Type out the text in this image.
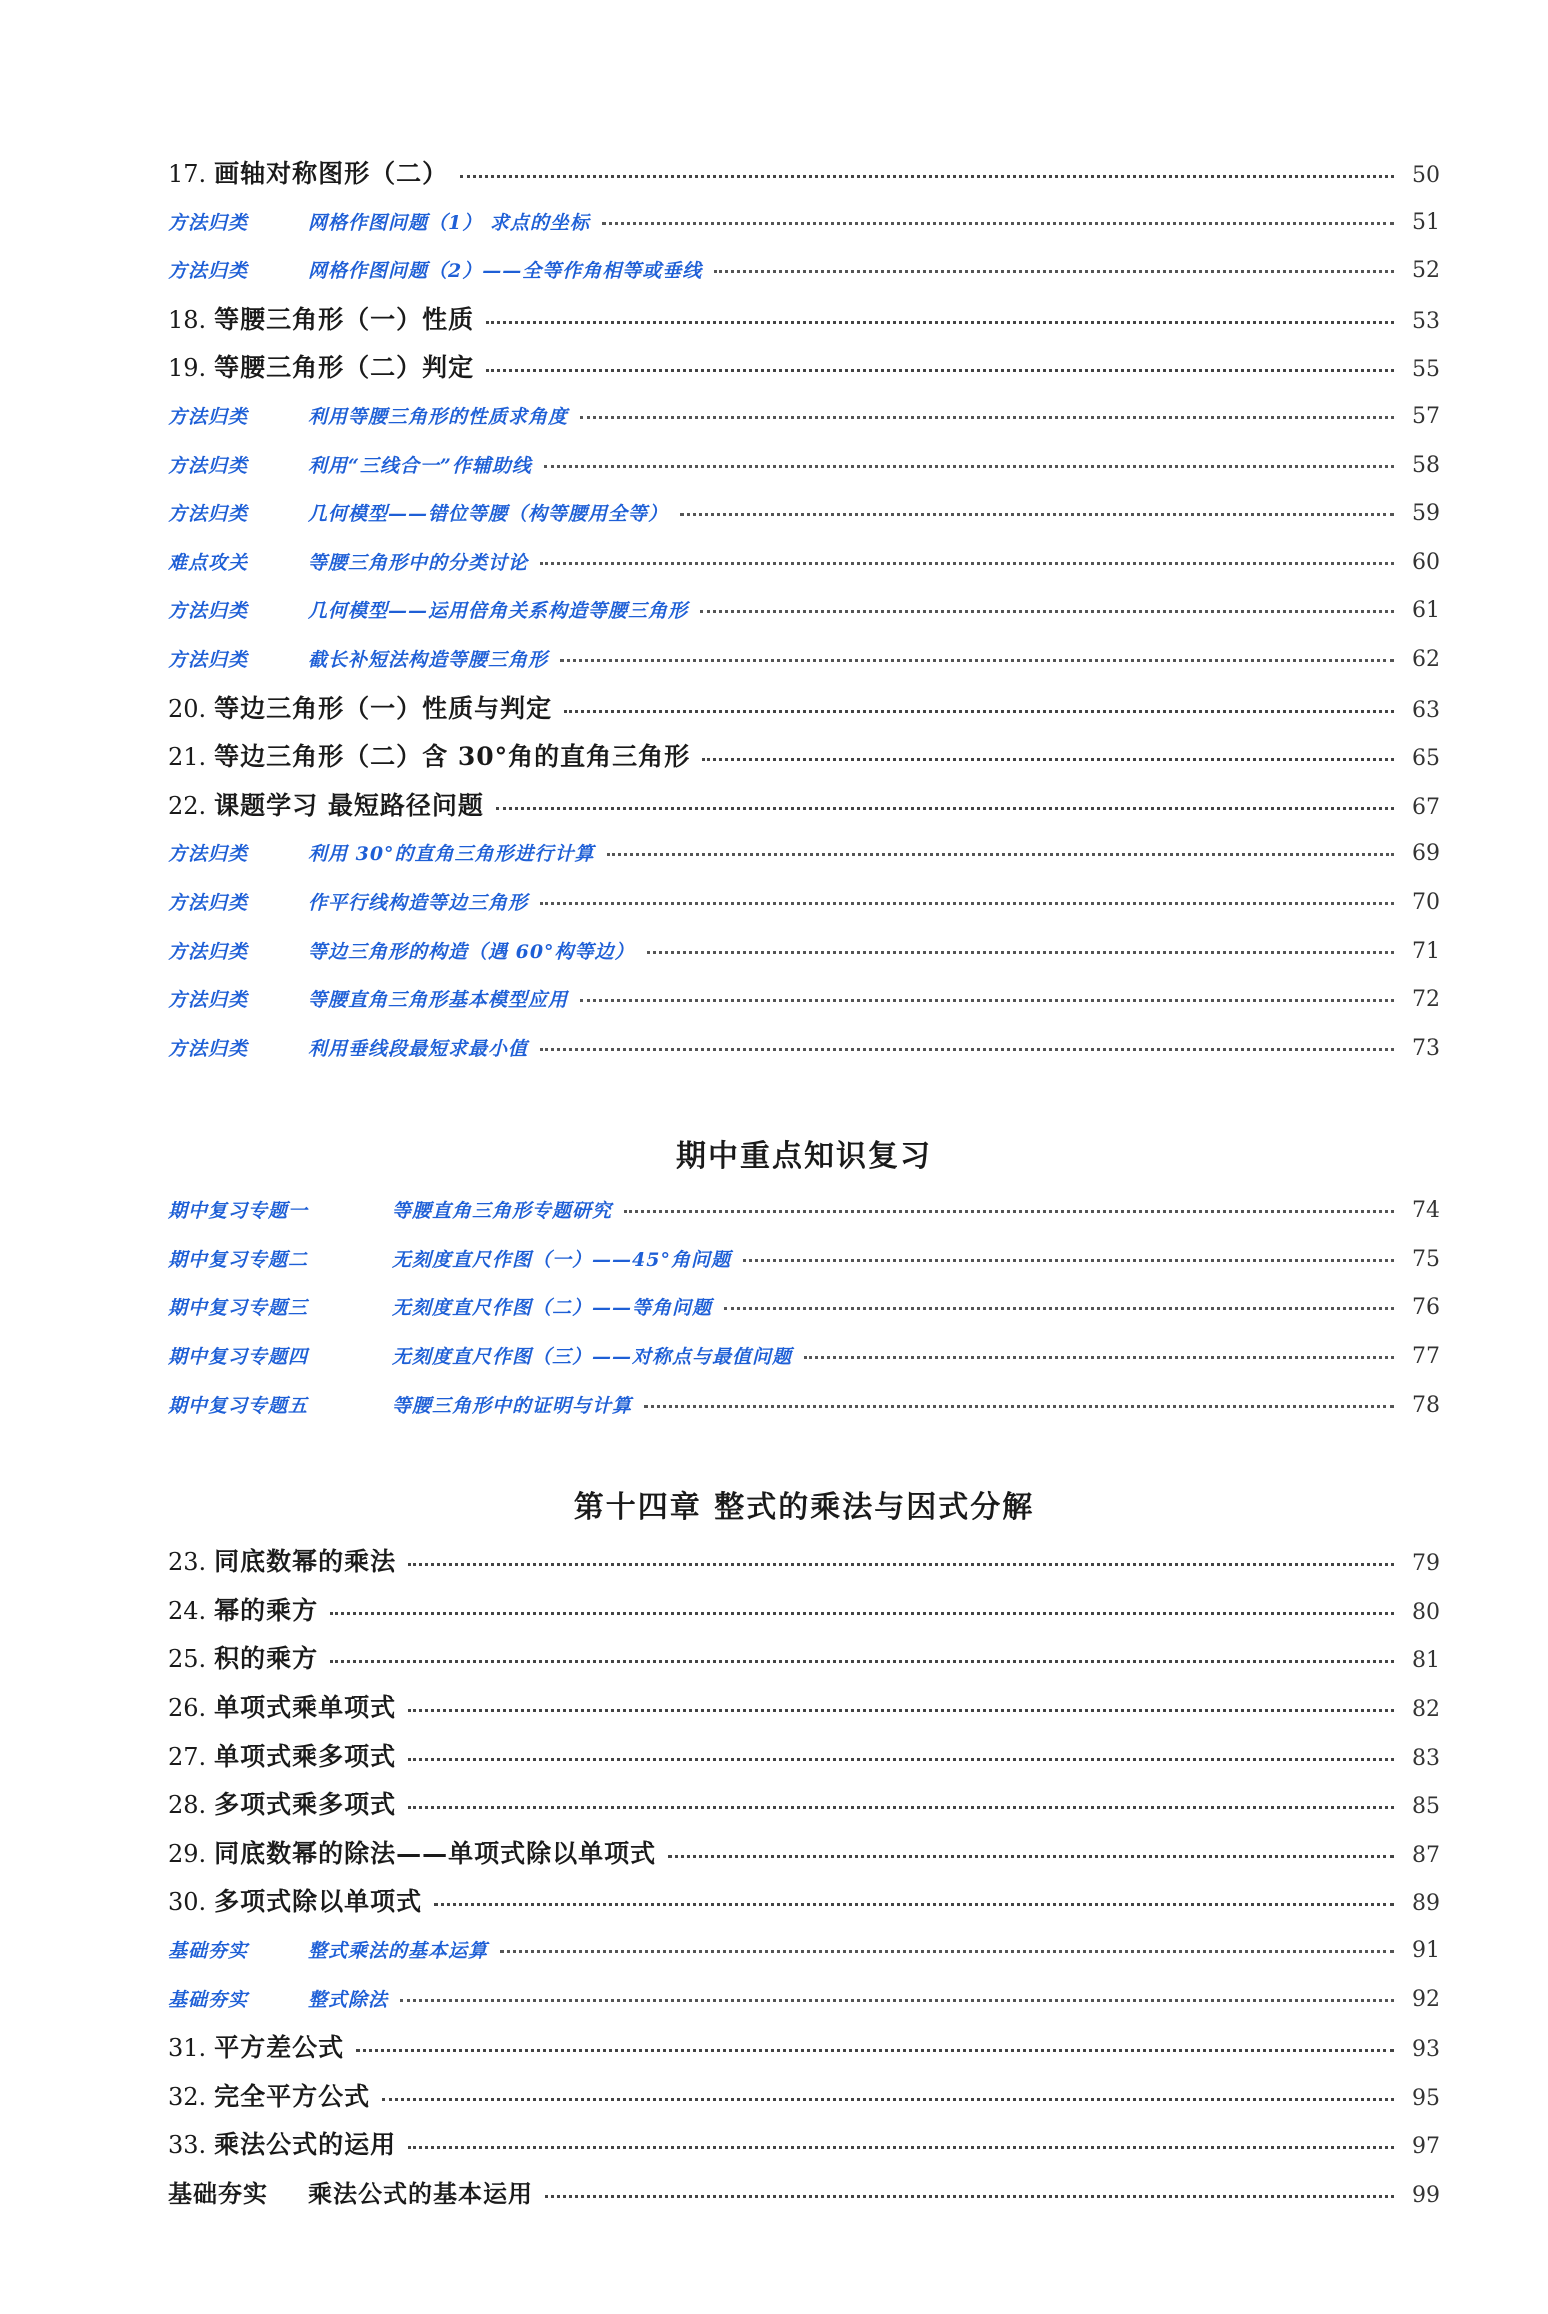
17. 画轴对称图形（二）	50
方法归类	网格作图问题（1） 求点的坐标	51
方法归类	网格作图问题（2）——全等作角相等或垂线	52
18. 等腰三角形（一）性质	53
19. 等腰三角形（二）判定	55
方法归类	利用等腰三角形的性质求角度	57
方法归类	利用“三线合一”作辅助线	58
方法归类	几何模型——错位等腰（构等腰用全等）	59
难点攻关	等腰三角形中的分类讨论	60
方法归类	几何模型——运用倍角关系构造等腰三角形	61
方法归类	截长补短法构造等腰三角形	62
20. 等边三角形（一）性质与判定	63
21. 等边三角形（二）含 30°角的直角三角形	65
22. 课题学习 最短路径问题	67
方法归类	利用 30°的直角三角形进行计算	69
方法归类	作平行线构造等边三角形	70
方法归类	等边三角形的构造（遇 60°构等边）	71
方法归类	等腰直角三角形基本模型应用	72
方法归类	利用垂线段最短求最小值	73
期中重点知识复习
期中复习专题一	等腰直角三角形专题研究	74
期中复习专题二	无刻度直尺作图（一）——45°角问题	75
期中复习专题三	无刻度直尺作图（二）——等角问题	76
期中复习专题四	无刻度直尺作图（三）——对称点与最值问题	77
期中复习专题五	等腰三角形中的证明与计算	78
第十四章 整式的乘法与因式分解
23. 同底数幂的乘法	79
24. 幂的乘方	80
25. 积的乘方	81
26. 单项式乘单项式	82
27. 单项式乘多项式	83
28. 多项式乘多项式	85
29. 同底数幂的除法——单项式除以单项式	87
30. 多项式除以单项式	89
基础夯实	整式乘法的基本运算	91
基础夯实	整式除法	92
31. 平方差公式	93
32. 完全平方公式	95
33. 乘法公式的运用	97
基础夯实	乘法公式的基本运用	99
